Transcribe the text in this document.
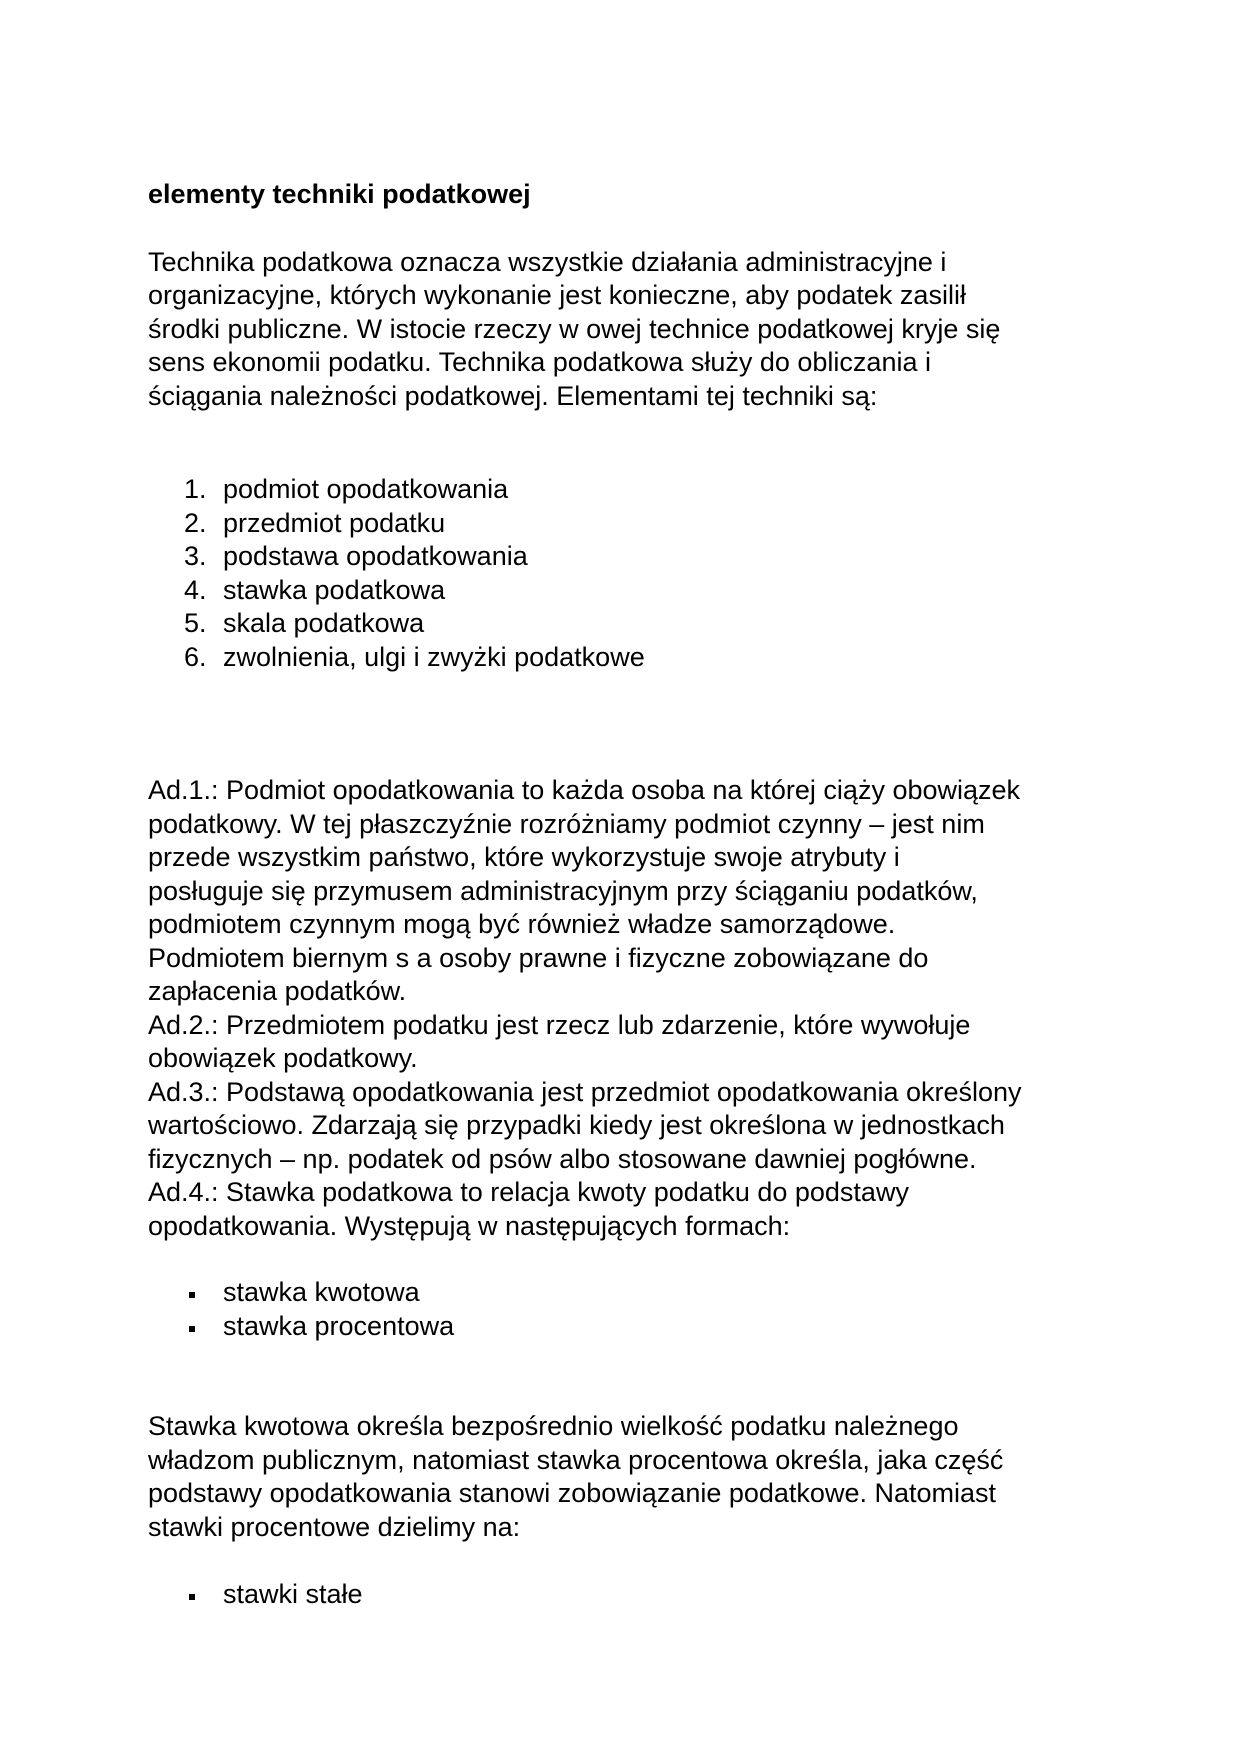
elementy techniki podatkowej

Technika podatkowa oznacza wszystkie działania administracyjne i

organizacyjne, których wykonanie jest konieczne, aby podatek zasilił

środki publiczne. W istocie rzeczy w owej technice podatkowej kryje się

sens ekonomii podatku. Technika podatkowa służy do obliczania i

ściągania należności podatkowej. Elementami tej techniki są:

1. podmiot opodatkowania
2. przedmiot podatku
3. podstawa opodatkowania
4. stawka podatkowa
5. skala podatkowa
6. zwolnienia, ulgi i zwyżki podatkowe

Ad.1.: Podmiot opodatkowania to każda osoba na której ciąży obowiązek

podatkowy. W tej płaszczyźnie rozróżniamy podmiot czynny – jest nim

przede wszystkim państwo, które wykorzystuje swoje atrybuty i

posługuje się przymusem administracyjnym przy ściąganiu podatków,

podmiotem czynnym mogą być również władze samorządowe.

Podmiotem biernym s a osoby prawne i fizyczne zobowiązane do

zapłacenia podatków.

Ad.2.: Przedmiotem podatku jest rzecz lub zdarzenie, które wywołuje

obowiązek podatkowy.

Ad.3.: Podstawą opodatkowania jest przedmiot opodatkowania określony

wartościowo. Zdarzają się przypadki kiedy jest określona w jednostkach

fizycznych – np. podatek od psów albo stosowane dawniej pogłówne.

Ad.4.: Stawka podatkowa to relacja kwoty podatku do podstawy

opodatkowania. Występują w następujących formach:

stawka kwotowa
stawka procentowa

Stawka kwotowa określa bezpośrednio wielkość podatku należnego

władzom publicznym, natomiast stawka procentowa określa, jaka część

podstawy opodatkowania stanowi zobowiązanie podatkowe. Natomiast

stawki procentowe dzielimy na:

stawki stałe
